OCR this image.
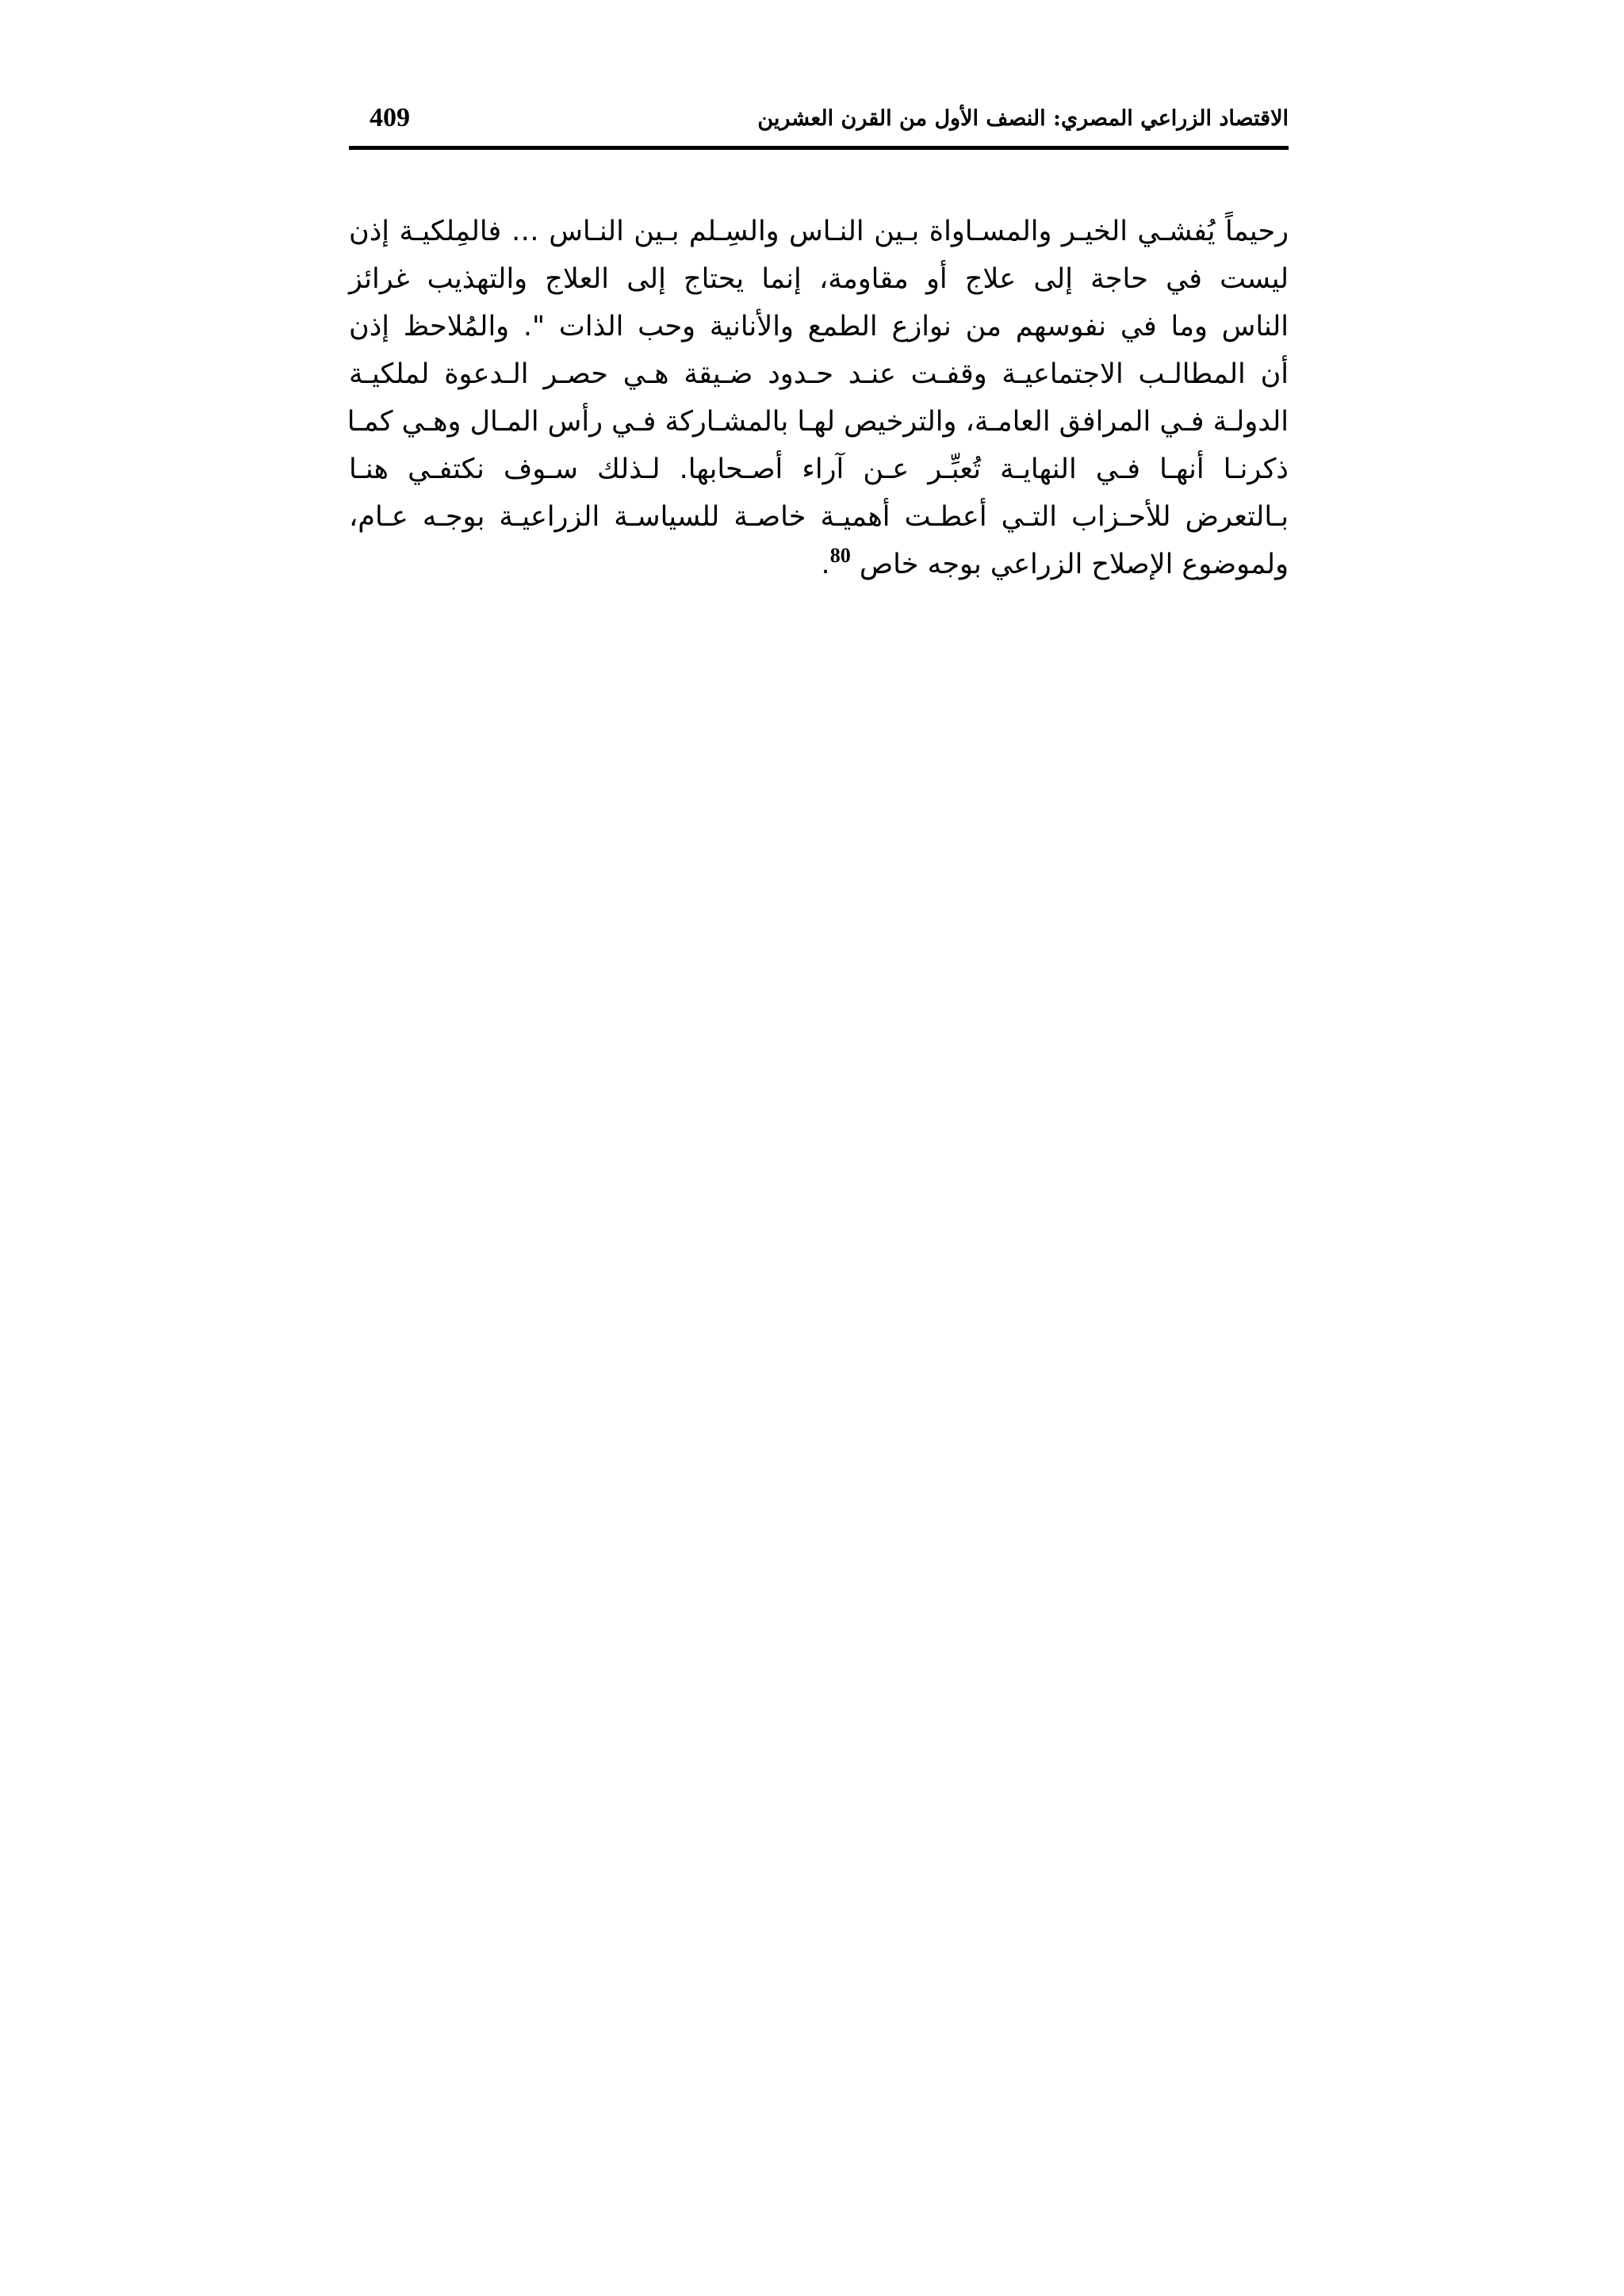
الاقتصاد الزراعي المصري: النصف الأول من القرن العشرين
409
رحيماً يُفشـي الخيـر والمسـاواة بـين النـاس والسِـلم بـين النـاس … فالمِلكيـة إذن
ليست في حاجة إلى علاج أو مقاومة، إنما يحتاج إلى العلاج والتهذيب غرائز
الناس وما في نفوسهم من نوازع الطمع والأنانية وحب الذات ". والمُلاحظ إذن
أن المطالـب الاجتماعيـة وقفـت عنـد حـدود ضـيقة هـي حصـر الـدعوة لملكيـة
الدولـة فـي المرافق العامـة، والترخيص لهـا بالمشـاركة فـي رأس المـال وهـي كمـا
ذكرنـا أنهـا فـي النهايـة تُعبِّـر عـن آراء أصـحابها. لـذلك سـوف نكتفـي هنـا
بـالتعرض للأحـزاب التـي أعطـت أهميـة خاصـة للسياسـة الزراعيـة بوجـه عـام،
ولموضوع الإصلاح الزراعي بوجه خاص $^{80}$.
